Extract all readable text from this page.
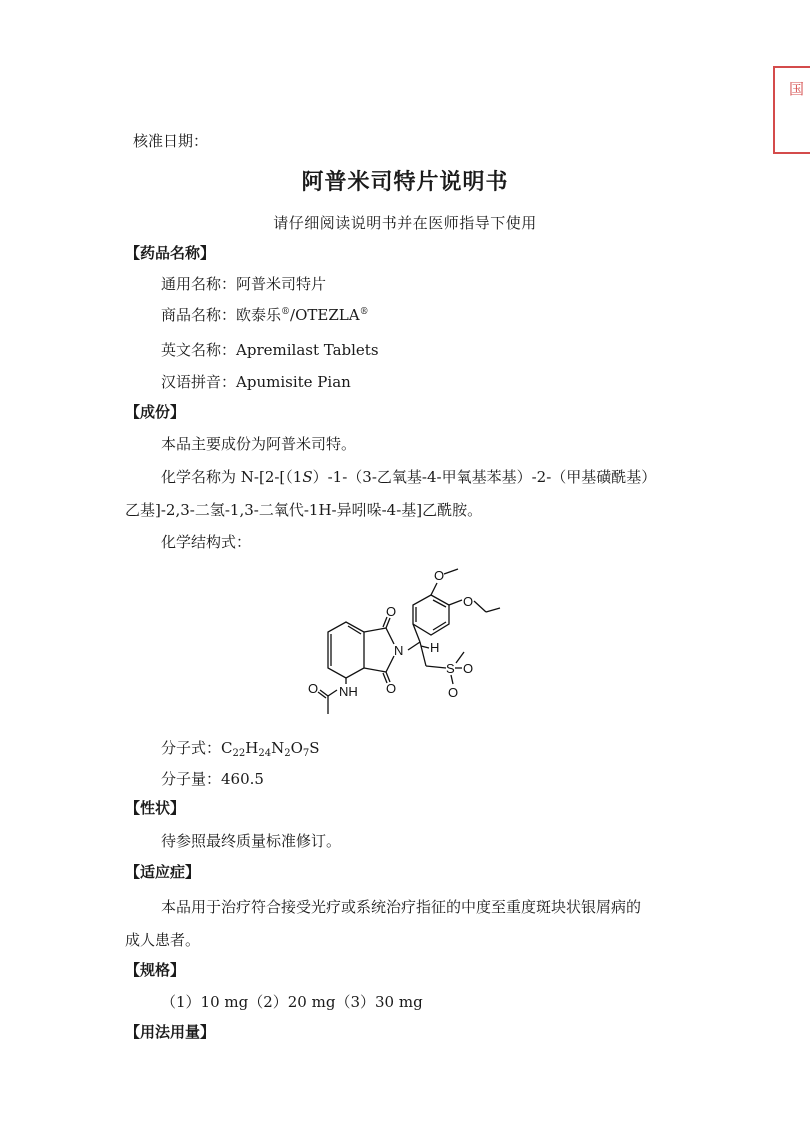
国
核准日期：
阿普米司特片说明书
请仔细阅读说明书并在医师指导下使用
【药品名称】
通用名称：阿普米司特片
商品名称：欧泰乐®/OTEZLA®
英文名称：Apremilast Tablets
汉语拼音：Apumisite Pian
【成份】
本品主要成份为阿普米司特。
化学名称为 N-[2-[（1S）-1-（3-乙氧基-4-甲氧基苯基）-2-（甲基磺酰基）
乙基]-2,3-二氢-1,3-二氧代-1H-异吲哚-4-基]乙酰胺。
化学结构式：
O
O
H
S O
O
N
O
O
NH
O
分子式：$C_{22}H_{24}N_2O_7S$
分子量：460.5
【性状】
待参照最终质量标准修订。
【适应症】
本品用于治疗符合接受光疗或系统治疗指征的中度至重度斑块状银屑病的
成人患者。
【规格】
（1）10 mg（2）20 mg（3）30 mg
【用法用量】
